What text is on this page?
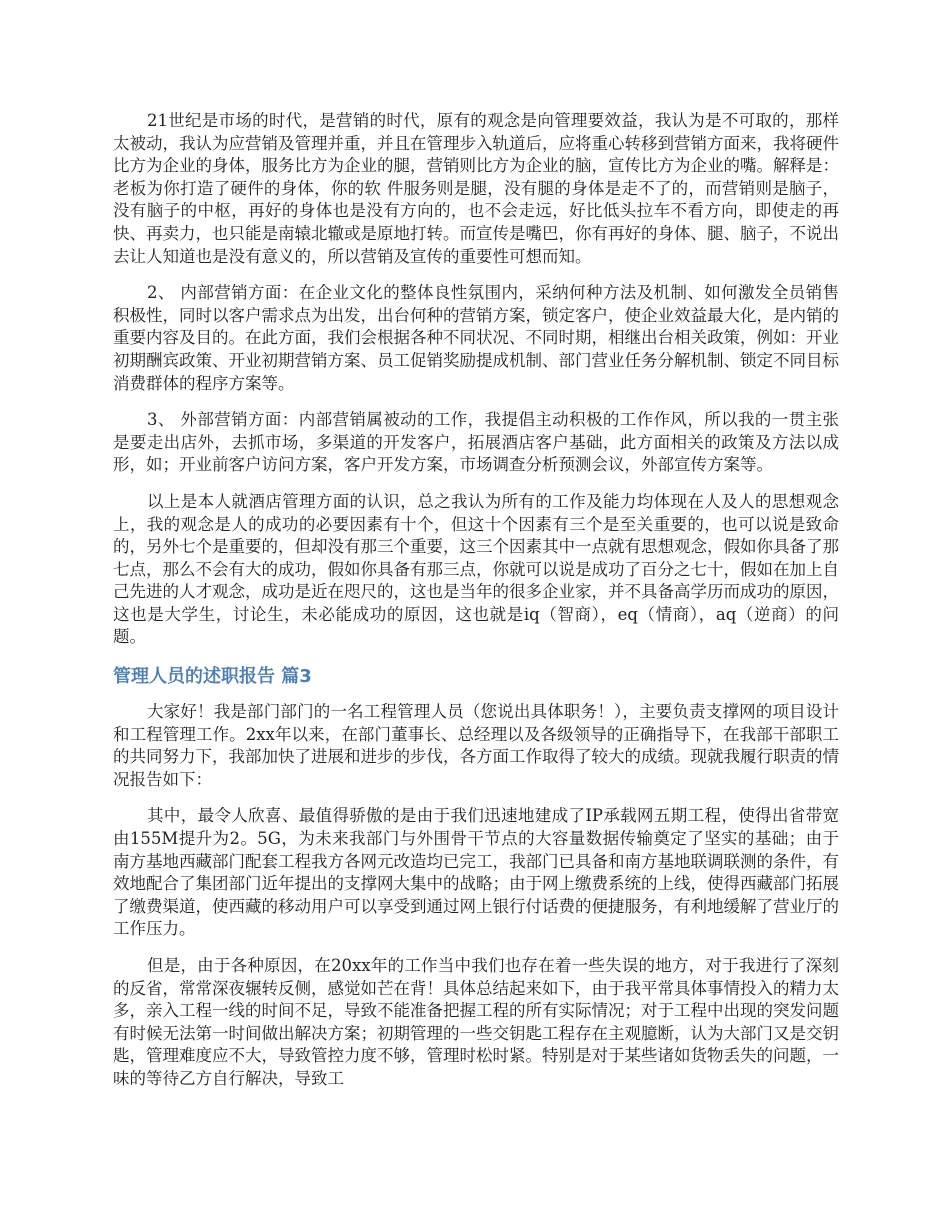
21世纪是市场的时代，是营销的时代，原有的观念是向管理要效益，我认为是不可取的，那样太被动，我认为应营销及管理并重，并且在管理步入轨道后，应将重心转移到营销方面来，我将硬件比方为企业的身体，服务比方为企业的腿，营销则比方为企业的脑，宣传比方为企业的嘴。解释是：老板为你打造了硬件的身体，你的软 件服务则是腿，没有腿的身体是走不了的，而营销则是脑子，没有脑子的中枢，再好的身体也是没有方向的，也不会走远，好比低头拉车不看方向，即使走的再快、再卖力，也只能是南辕北辙或是原地打转。而宣传是嘴巴，你有再好的身体、腿、脑子，不说出去让人知道也是没有意义的，所以营销及宣传的重要性可想而知。

2、 内部营销方面：在企业文化的整体良性氛围内，采纳何种方法及机制、如何激发全员销售积极性，同时以客户需求点为出发，出台何种的营销方案，锁定客户，使企业效益最大化，是内销的重要内容及目的。在此方面，我们会根据各种不同状况、不同时期，相继出台相关政策，例如：开业初期酬宾政策、开业初期营销方案、员工促销奖励提成机制、部门营业任务分解机制、锁定不同目标消费群体的程序方案等。

3、 外部营销方面：内部营销属被动的工作，我提倡主动积极的工作作风，所以我的一贯主张是要走出店外，去抓市场，多渠道的开发客户，拓展酒店客户基础，此方面相关的政策及方法以成形，如；开业前客户访问方案，客户开发方案，市场调查分析预测会议，外部宣传方案等。

以上是本人就酒店管理方面的认识，总之我认为所有的工作及能力均体现在人及人的思想观念上，我的观念是人的成功的必要因素有十个，但这十个因素有三个是至关重要的，也可以说是致命的，另外七个是重要的，但却没有那三个重要，这三个因素其中一点就有思想观念，假如你具备了那七点，那么不会有大的成功，假如你具备有那三点，你就可以说是成功了百分之七十，假如在加上自己先进的人才观念，成功是近在咫尺的，这也是当年的很多企业家，并不具备高学历而成功的原因，这也是大学生，讨论生，未必能成功的原因，这也就是iq（智商），eq（情商），aq（逆商）的问题。

管理人员的述职报告 篇3

大家好！我是部门部门的一名工程管理人员（您说出具体职务！），主要负责支撑网的项目设计和工程管理工作。2xx年以来，在部门董事长、总经理以及各级领导的正确指导下，在我部干部职工的共同努力下，我部加快了进展和进步的步伐，各方面工作取得了较大的成绩。现就我履行职责的情况报告如下：

其中，最令人欣喜、最值得骄傲的是由于我们迅速地建成了IP承载网五期工程，使得出省带宽由155M提升为2。5G，为未来我部门与外围骨干节点的大容量数据传输奠定了坚实的基础；由于南方基地西藏部门配套工程我方各网元改造均已完工，我部门已具备和南方基地联调联测的条件，有效地配合了集团部门近年提出的支撑网大集中的战略；由于网上缴费系统的上线，使得西藏部门拓展了缴费渠道，使西藏的移动用户可以享受到通过网上银行付话费的便捷服务，有利地缓解了营业厅的工作压力。

但是，由于各种原因，在20xx年的工作当中我们也存在着一些失误的地方，对于我进行了深刻的反省，常常深夜辗转反侧，感觉如芒在背！具体总结起来如下，由于我平常具体事情投入的精力太多，亲入工程一线的时间不足，导致不能准备把握工程的所有实际情况；对于工程中出现的突发问题有时候无法第一时间做出解决方案；初期管理的一些交钥匙工程存在主观臆断，认为大部门又是交钥匙，管理难度应不大，导致管控力度不够，管理时松时紧。特别是对于某些诸如货物丢失的问题，一味的等待乙方自行解决，导致工
